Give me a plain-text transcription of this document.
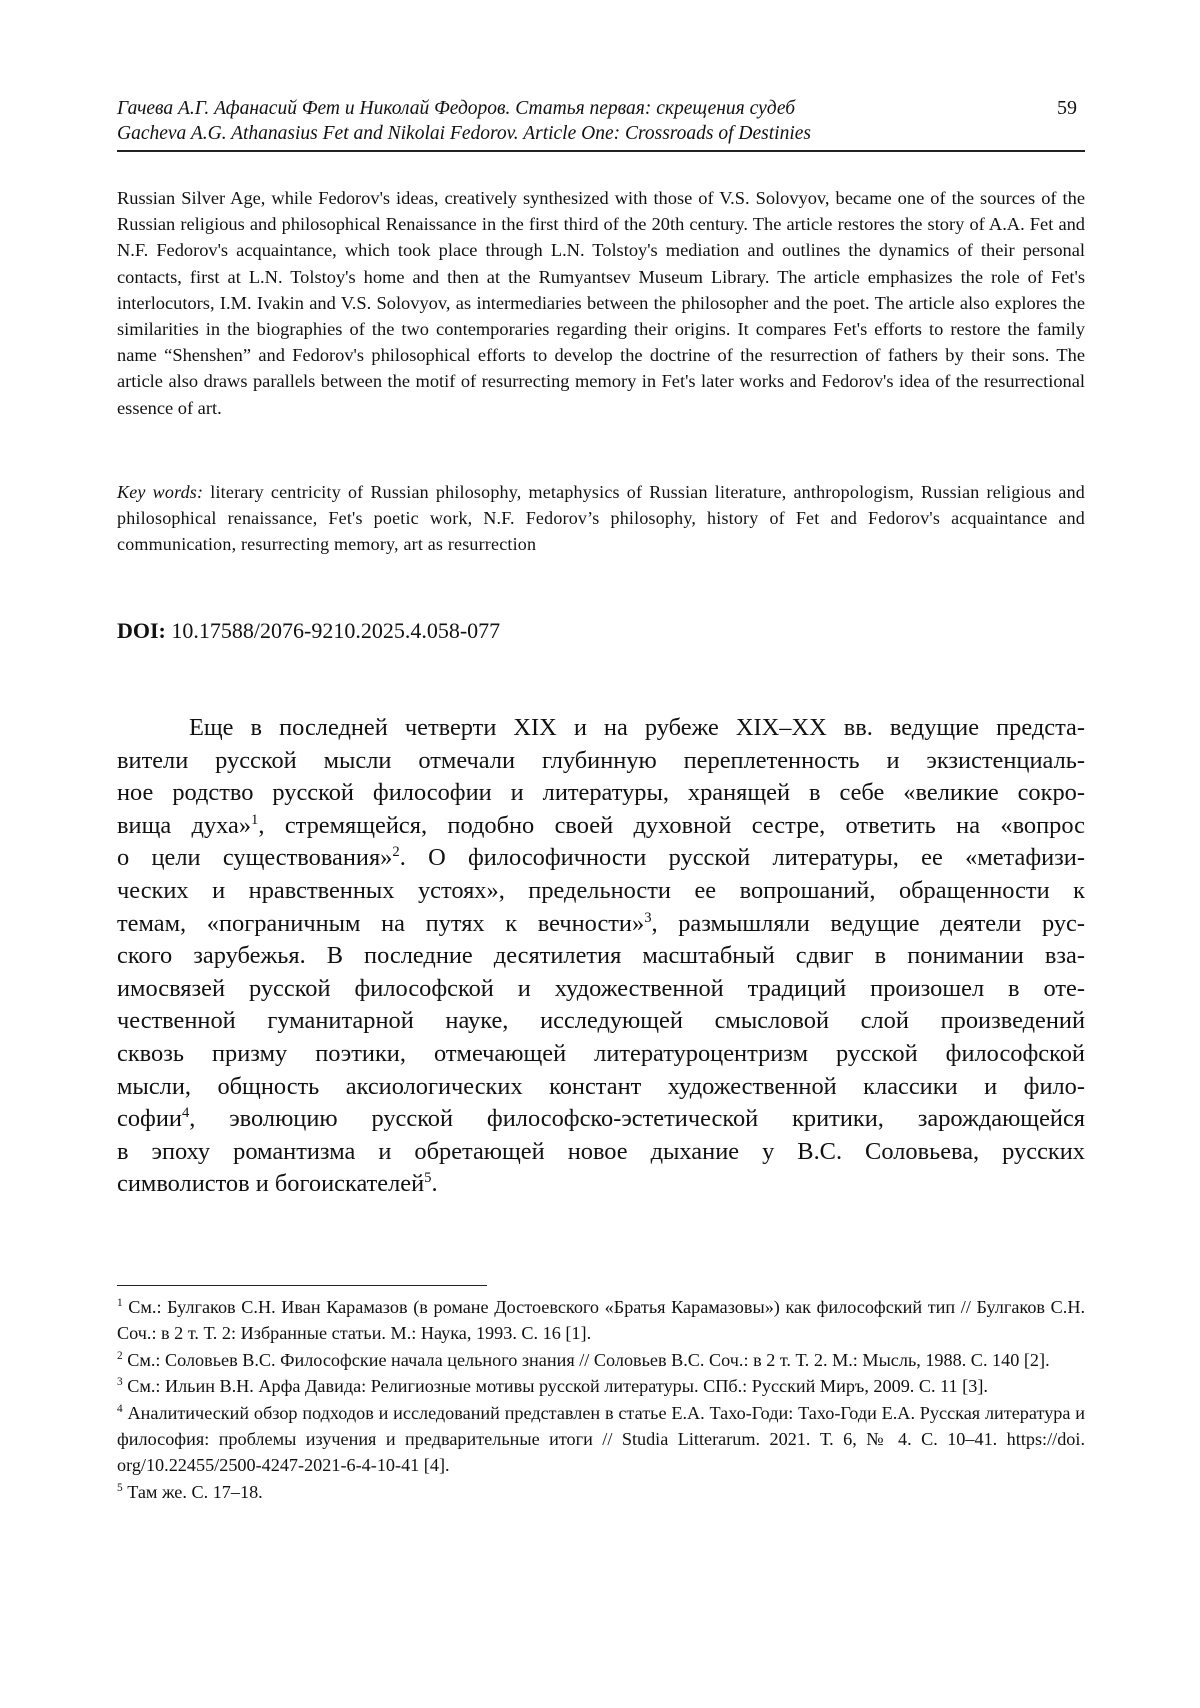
Гачева А.Г. Афанасий Фет и Николай Федоров. Статья первая: скрещения судеб
Gacheva A.G. Athanasius Fet and Nikolai Fedorov. Article One: Crossroads of Destinies
59
Russian Silver Age, while Fedorov's ideas, creatively synthesized with those of V.S. Solovyov, became one of the sources of the Russian religious and philosophical Renaissance in the first third of the 20th century. The article restores the story of A.A. Fet and N.F. Fedorov's acquaintance, which took place through L.N. Tolstoy's mediation and outlines the dynamics of their personal contacts, first at L.N. Tolstoy's home and then at the Rumyantsev Museum Library. The article emphasizes the role of Fet's interlocutors, I.M. Ivakin and V.S. Solovyov, as intermediaries between the philosopher and the poet. The article also explores the similarities in the biographies of the two contemporaries regarding their origins. It compares Fet's efforts to restore the family name “Shenshen” and Fedorov's philosophical efforts to develop the doctrine of the resurrection of fathers by their sons. The article also draws parallels between the motif of resurrecting memory in Fet's later works and Fedorov's idea of the resurrectional essence of art.
Key words: literary centricity of Russian philosophy, metaphysics of Russian literature, anthropologism, Russian religious and philosophical renaissance, Fet's poetic work, N.F. Fedorov’s philosophy, history of Fet and Fedorov's acquaintance and communication, resurrecting memory, art as resurrection
DOI: 10.17588/2076-9210.2025.4.058-077
Еще в последней четверти XIX и на рубеже XIX–XX вв. ведущие предста-
вители русской мысли отмечали глубинную переплетенность и экзистенциаль-
ное родство русской философии и литературы, хранящей в себе «великие сокро-
вища духа»$^1$, стремящейся, подобно своей духовной сестре, ответить на «вопрос
о цели существования»$^2$. О философичности русской литературы, ее «метафизи-
ческих и нравственных устоях», предельности ее вопрошаний, обращенности к
темам, «пограничным на путях к вечности»$^3$, размышляли ведущие деятели рус-
ского зарубежья. В последние десятилетия масштабный сдвиг в понимании вза-
имосвязей русской философской и художественной традиций произошел в оте-
чественной гуманитарной науке, исследующей смысловой слой произведений
сквозь призму поэтики, отмечающей литературоцентризм русской философской
мысли, общность аксиологических констант художественной классики и фило-
софии$^4$, эволюцию русской философско-эстетической критики, зарождающейся
в эпоху романтизма и обретающей новое дыхание у В.С. Соловьева, русских
символистов и богоискателей$^5$.
$^1$ См.: Булгаков С.Н. Иван Карамазов (в романе Достоевского «Братья Карамазовы») как философский тип // Булгаков С.Н. Соч.: в 2 т. Т. 2: Избранные статьи. М.: Наука, 1993. С. 16 [1].
$^2$ См.: Соловьев В.С. Философские начала цельного знания // Соловьев В.С. Соч.: в 2 т. Т. 2. М.: Мысль, 1988. С. 140 [2].
$^3$ См.: Ильин В.Н. Арфа Давида: Религиозные мотивы русской литературы. СПб.: Русский Миръ, 2009. С. 11 [3].
$^4$ Аналитический обзор подходов и исследований представлен в статье Е.А. Тахо-Годи: Тахо-Годи Е.А. Русская литература и философия: проблемы изучения и предварительные итоги // Studia Litterarum. 2021. Т. 6, № 4. С. 10–41. https://doi. org/10.22455/2500-4247-2021-6-4-10-41 [4].
$^5$ Там же. С. 17–18.
